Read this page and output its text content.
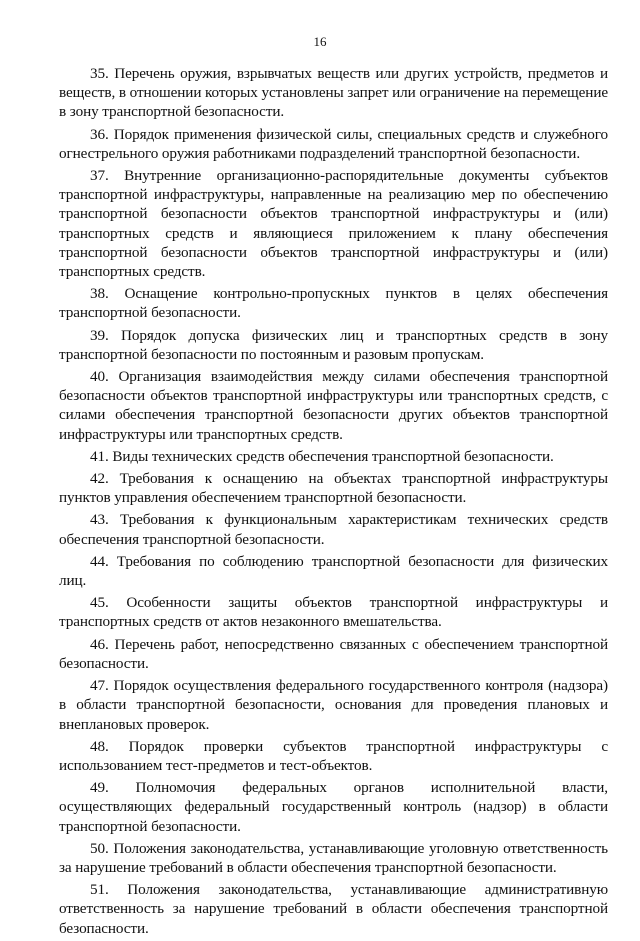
16

35. Перечень оружия, взрывчатых веществ или других устройств, предметов и веществ, в отношении которых установлены запрет или ограничение на перемещение в зону транспортной безопасности.

36. Порядок применения физической силы, специальных средств и служебного огнестрельного оружия работниками подразделений транспортной безопасности.

37. Внутренние организационно-распорядительные документы субъектов транспортной инфраструктуры, направленные на реализацию мер по обеспечению транспортной безопасности объектов транспортной инфраструктуры и (или) транспортных средств и являющиеся приложением к плану обеспечения транспортной безопасности объектов транспортной инфраструктуры и (или) транспортных средств.

38. Оснащение контрольно-пропускных пунктов в целях обеспечения транспортной безопасности.

39. Порядок допуска физических лиц и транспортных средств в зону транспортной безопасности по постоянным и разовым пропускам.

40. Организация взаимодействия между силами обеспечения транспортной безопасности объектов транспортной инфраструктуры или транспортных средств, с силами обеспечения транспортной безопасности других объектов транспортной инфраструктуры или транспортных средств.

41. Виды технических средств обеспечения транспортной безопасности.

42. Требования к оснащению на объектах транспортной инфраструктуры пунктов управления обеспечением транспортной безопасности.

43. Требования к функциональным характеристикам технических средств обеспечения транспортной безопасности.

44. Требования по соблюдению транспортной безопасности для физических лиц.

45. Особенности защиты объектов транспортной инфраструктуры и транспортных средств от актов незаконного вмешательства.

46. Перечень работ, непосредственно связанных с обеспечением транспортной безопасности.

47. Порядок осуществления федерального государственного контроля (надзора) в области транспортной безопасности, основания для проведения плановых и внеплановых проверок.

48. Порядок проверки субъектов транспортной инфраструктуры с использованием тест-предметов и тест-объектов.

49. Полномочия федеральных органов исполнительной власти, осуществляющих федеральный государственный контроль (надзор) в области транспортной безопасности.

50. Положения законодательства, устанавливающие уголовную ответственность за нарушение требований в области обеспечения транспортной безопасности.

51. Положения законодательства, устанавливающие административную ответственность за нарушение требований в области обеспечения транспортной безопасности.
